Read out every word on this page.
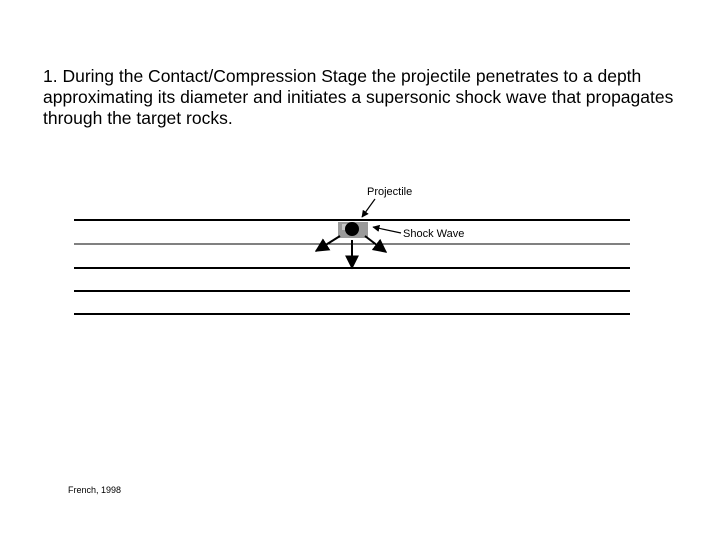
1. During the Contact/Compression Stage the projectile penetrates to a depth approximating its diameter and initiates a supersonic shock wave that propagates through the target rocks.

Projectile
Shock Wave
French, 1998
